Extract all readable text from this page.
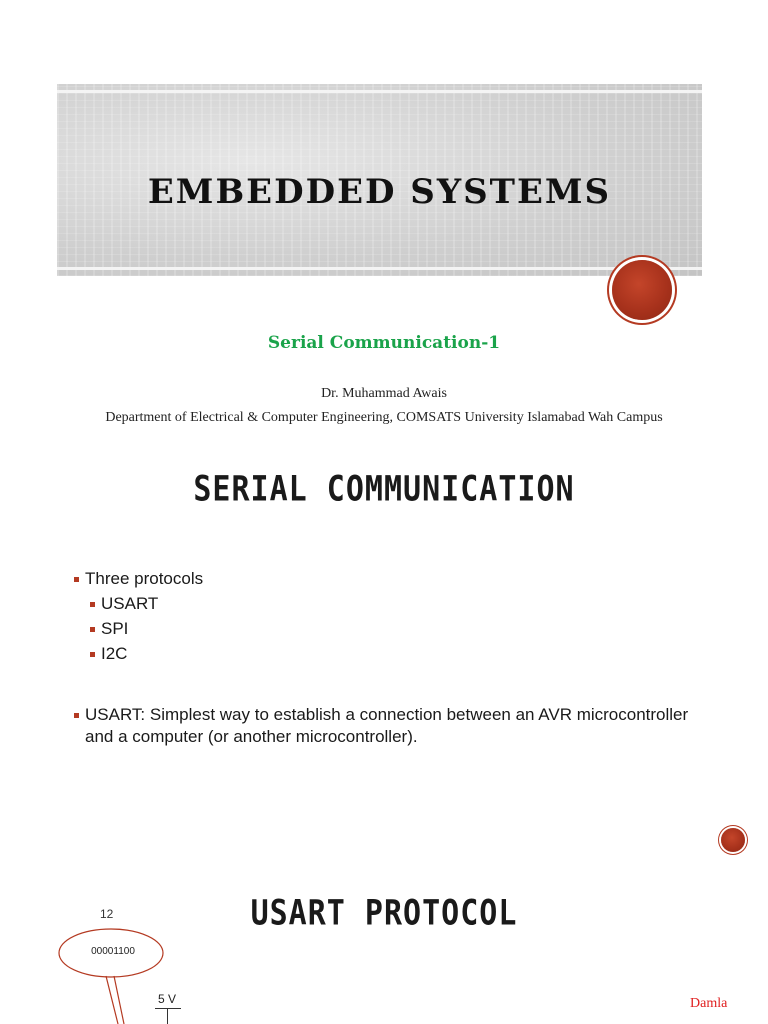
EMBEDDED SYSTEMS
Serial Communication-1
Dr. Muhammad Awais
Department of Electrical & Computer Engineering, COMSATS University Islamabad Wah Campus
SERIAL COMMUNICATION
Three protocols
USART
SPI
I2C
USART: Simplest way to establish a connection between an AVR microcontroller and a computer (or another microcontroller).
USART PROTOCOL
12
00001100
5 V	Damla
